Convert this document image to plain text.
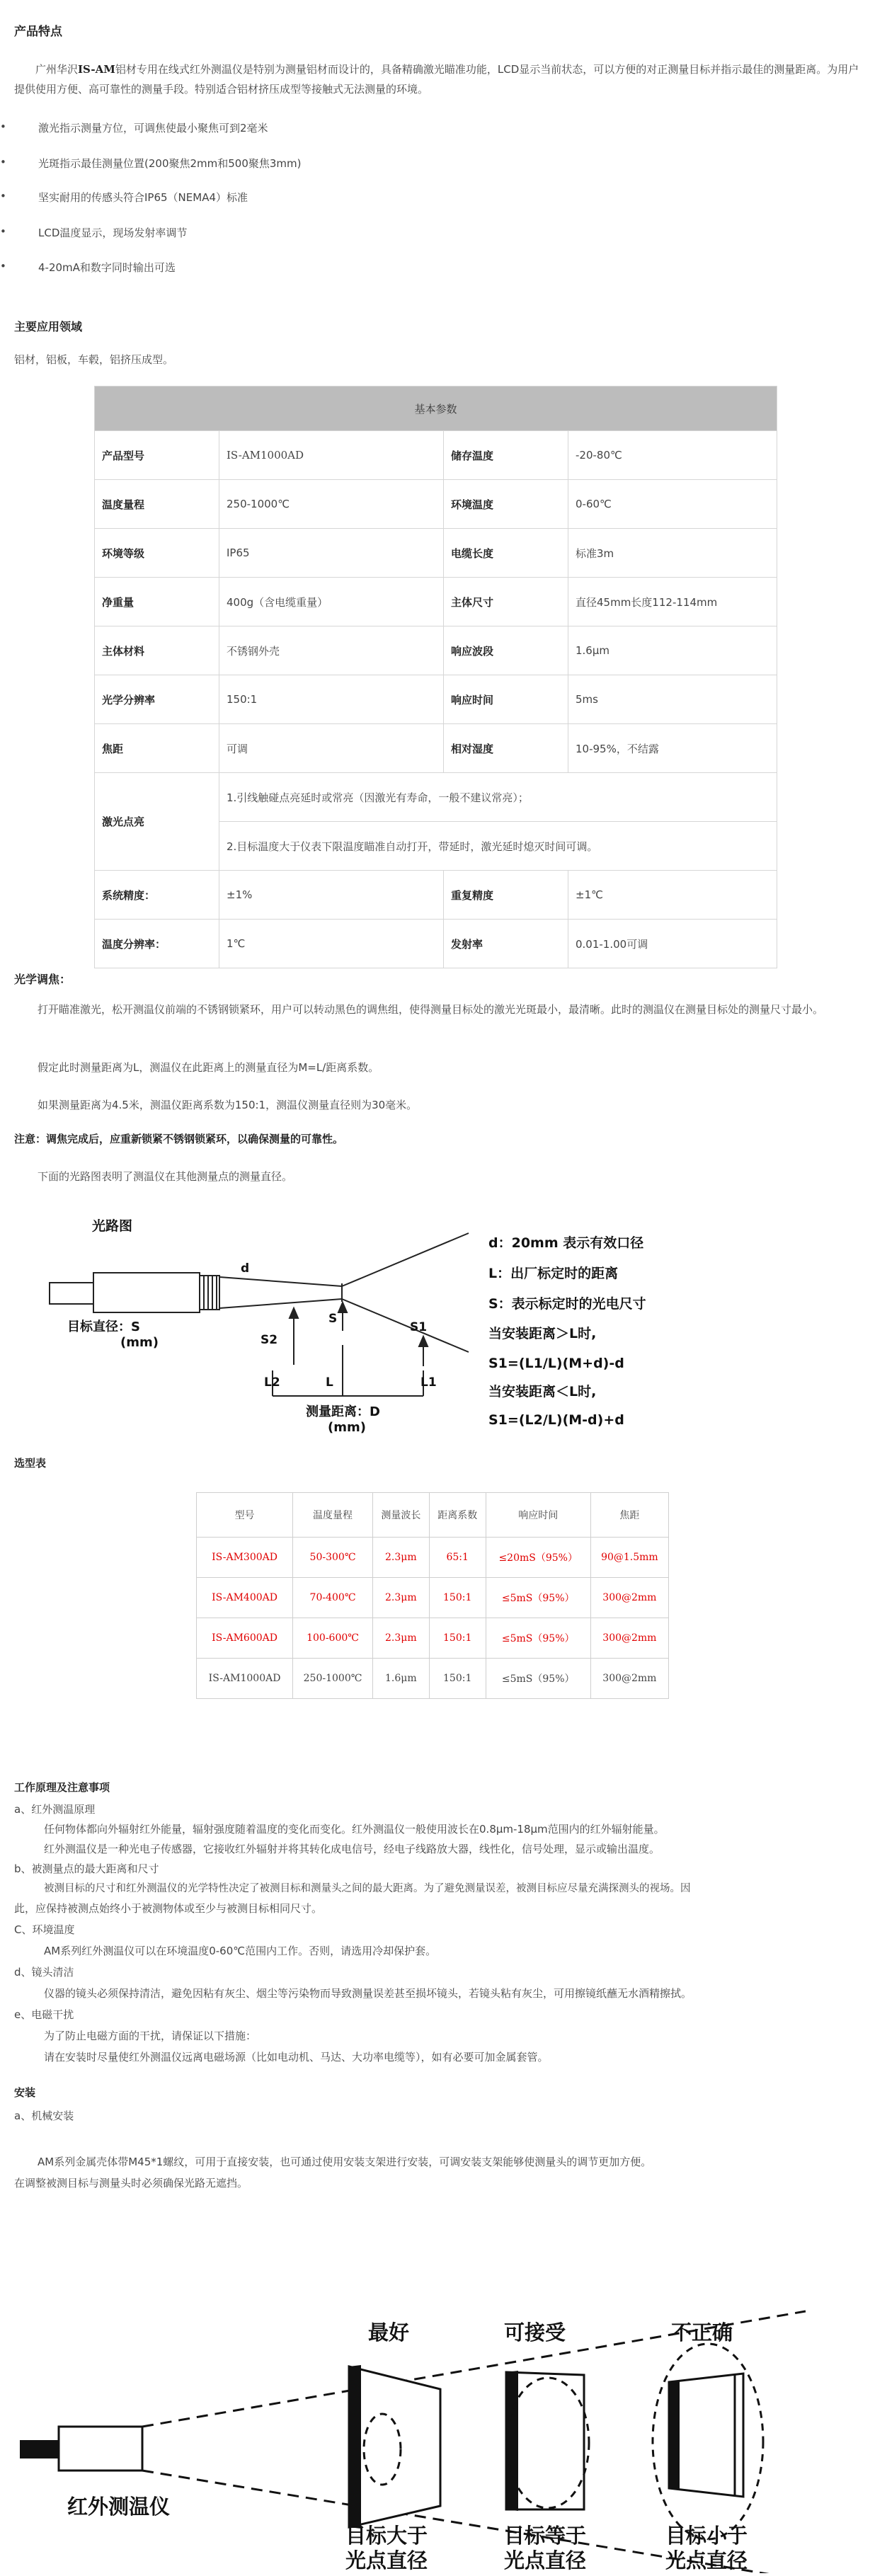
产品特点
广州华沢IS-AM铝材专用在线式红外测温仪是特别为测量铝材而设计的，具备精确激光瞄准功能，LCD显示当前状态，可以方便的对正测量目标并指示最佳的测量距离。为用户提供使用方便、高可靠性的测量手段。特别适合铝材挤压成型等接触式无法测量的环境。
激光指示测量方位，可调焦使最小聚焦可到2毫米
光斑指示最佳测量位置(200聚焦2mm和500聚焦3mm)
坚实耐用的传感头符合IP65（NEMA4）标准
LCD温度显示，现场发射率调节
4-20mA和数字同时输出可选
主要应用领域
铝材，铝板，车毂，铝挤压成型。
基本参数			
产品型号	IS-AM1000AD	储存温度	-20-80℃
温度量程	250-1000℃	环境温度	0-60℃
环境等级	IP65	电缆长度	标准3m
净重量	400g（含电缆重量）	主体尺寸	直径45mm长度112-114mm
主体材料	不锈钢外壳	响应波段	1.6μm
光学分辨率	150:1	响应时间	5ms
焦距	可调	相对湿度	10-95%，不结露
激光点亮	1.引线触碰点亮延时或常亮（因激光有寿命，一般不建议常亮）；		
	2.目标温度大于仪表下限温度瞄准自动打开，带延时，激光延时熄灭时间可调。		
系统精度：	±1%	重复精度	±1℃
温度分辨率：	1℃	发射率	0.01-1.00可调
光学调焦：
打开瞄准激光，松开测温仪前端的不锈钢锁紧环，用户可以转动黑色的调焦组，使得测量目标处的激光光斑最小，最清晰。此时的测温仪在测量目标处的测量尺寸最小。
假定此时测量距离为L，测温仪在此距离上的测量直径为M=L/距离系数。
如果测量距离为4.5米，测温仪距离系数为150:1，测温仪测量直径则为30毫米。
注意：调焦完成后，应重新锁紧不锈钢锁紧环，以确保测量的可靠性。
下面的光路图表明了测温仪在其他测量点的测量直径。
光路图
d
S2
S
S1
L2	L	L1
目标直径：S
(mm)
测量距离：D
(mm)
d：20mm 表示有效口径
L：出厂标定时的距离
S：表示标定时的光电尺寸
当安装距离＞L时,
S1=(L1/L)(M+d)-d
当安装距离＜L时,
S1=(L2/L)(M-d)+d
选型表
型号	温度量程	测量波长	距离系数	响应时间	焦距
IS-AM300AD	50-300℃	2.3μm	65:1	≤20mS（95%）	90@1.5mm
IS-AM400AD	70-400℃	2.3μm	150:1	≤5mS（95%）	300@2mm
IS-AM600AD	100-600℃	2.3μm	150:1	≤5mS（95%）	300@2mm
IS-AM1000AD	250-1000℃	1.6μm	150:1	≤5mS（95%）	300@2mm
工作原理及注意事项
a、红外测温原理
任何物体都向外辐射红外能量，辐射强度随着温度的变化而变化。红外测温仪一般使用波长在0.8μm-18μm范围内的红外辐射能量。
红外测温仪是一种光电子传感器，它接收红外辐射并将其转化成电信号，经电子线路放大器，线性化，信号处理，显示或输出温度。
b、被测量点的最大距离和尺寸
被测目标的尺寸和红外测温仪的光学特性决定了被测目标和测量头之间的最大距离。为了避免测量误差，被测目标应尽量充满探测头的视场。因
此，应保持被测点始终小于被测物体或至少与被测目标相同尺寸。
C、环境温度
AM系列红外测温仪可以在环境温度0-60℃范围内工作。否则，请选用冷却保护套。
d、镜头清洁
仪器的镜头必须保持清洁，避免因粘有灰尘、烟尘等污染物而导致测量误差甚至损坏镜头，若镜头粘有灰尘，可用擦镜纸蘸无水酒精擦拭。
e、电磁干扰
为了防止电磁方面的干扰，请保证以下措施：
请在安装时尽量使红外测温仪远离电磁场源（比如电动机、马达、大功率电缆等），如有必要可加金属套管。
安装
a、机械安装
AM系列金属壳体带M45*1螺纹，可用于直接安装，也可通过使用安装支架进行安装，可调安装支架能够使测量头的调节更加方便。
在调整被测目标与测量头时必须确保光路无遮挡。
最好	可接受	不正确
红外测温仪
目标大于
光点直径
目标等于
光点直径
目标小于
光点直径
